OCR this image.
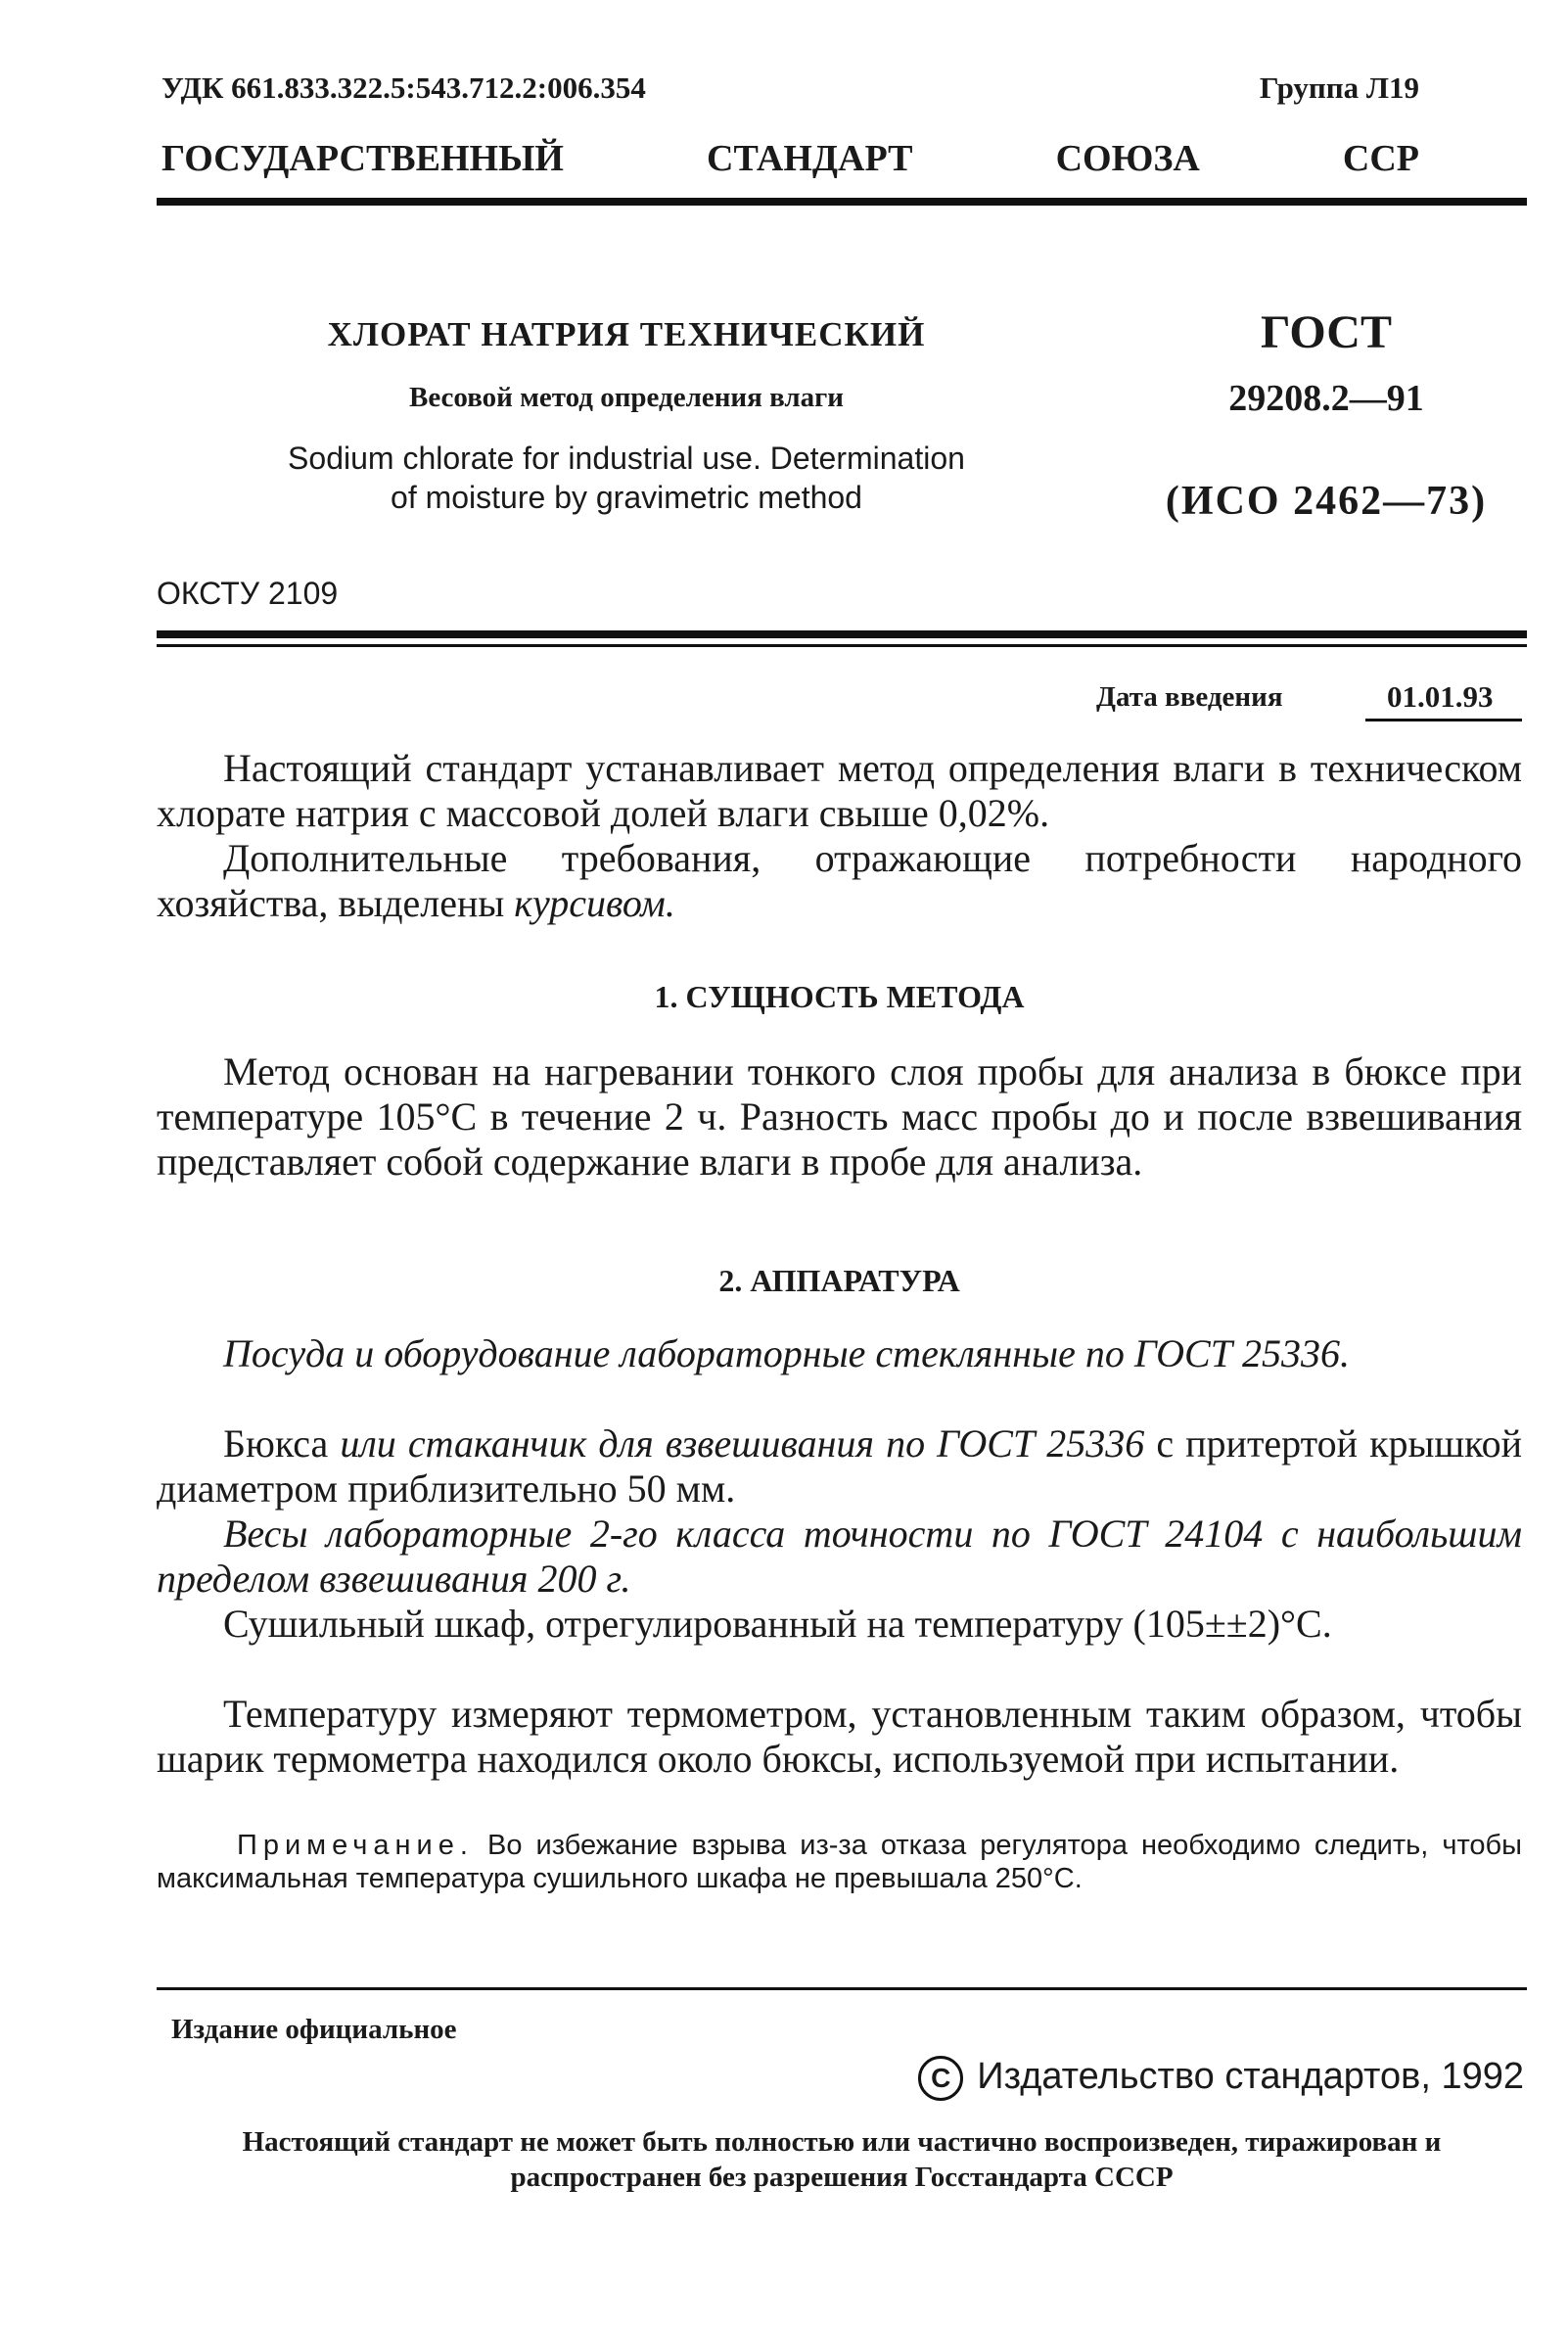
УДК 661.833.322.5:543.712.2:006.354	Группа Л19
ГОСУДАРСТВЕННЫЙ СТАНДАРТ СОЮЗА ССР
ХЛОРАТ НАТРИЯ ТЕХНИЧЕСКИЙ
Весовой метод определения влаги
Sodium chlorate for industrial use. Determination
of moisture by gravimetric method
ГОСТ
29208.2—91
(ИСО 2462—73)
ОКСТУ 2109
Дата введения	01.01.93

Настоящий стандарт устанавливает метод определения влаги в техническом хлорате натрия с массовой долей влаги свыше 0,02%.

Дополнительные требования, отражающие потребности народного хозяйства, выделены курсивом.

1. СУЩНОСТЬ МЕТОДА

Метод основан на нагревании тонкого слоя пробы для анализа в бюксе при температуре 105°С в течение 2 ч. Разность масс пробы до и после взвешивания представляет собой содержание влаги в пробе для анализа.

2. АППАРАТУРА

Посуда и оборудование лабораторные стеклянные по ГОСТ 25336.

Бюкса или стаканчик для взвешивания по ГОСТ 25336 с притертой крышкой диаметром приблизительно 50 мм.

Весы лабораторные 2-го класса точности по ГОСТ 24104 с наибольшим пределом взвешивания 200 г.

Сушильный шкаф, отрегулированный на температуру (105±±2)°С.

Температуру измеряют термометром, установленным таким образом, чтобы шарик термометра находился около бюксы, используемой при испытании.

Примечание. Во избежание взрыва из-за отказа регулятора необходимо следить, чтобы максимальная температура сушильного шкафа не превышала 250°С.

Издание официальное
C Издательство стандартов, 1992
Настоящий стандарт не может быть полностью или частично воспроизведен, тиражирован и распространен без разрешения Госстандарта СССР
